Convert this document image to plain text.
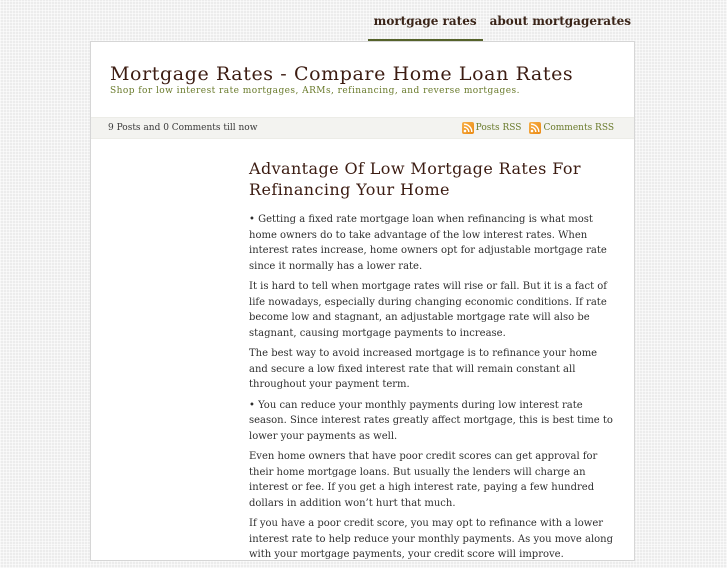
mortgage rates	about mortgagerates
Mortgage Rates - Compare Home Loan Rates
Shop for low interest rate mortgages, ARMs, refinancing, and reverse mortgages.
9 Posts and 0 Comments till now	Posts RSS Comments RSS
Advantage Of Low Mortgage Rates For Refinancing Your Home

• Getting a fixed rate mortgage loan when refinancing is what most home owners do to take advantage of the low interest rates. When interest rates increase, home owners opt for adjustable mortgage rate since it normally has a lower rate.

It is hard to tell when mortgage rates will rise or fall. But it is a fact of life nowadays, especially during changing economic conditions. If rate become low and stagnant, an adjustable mortgage rate will also be stagnant, causing mortgage payments to increase.

The best way to avoid increased mortgage is to refinance your home and secure a low fixed interest rate that will remain constant all throughout your payment term.

• You can reduce your monthly payments during low interest rate season. Since interest rates greatly affect mortgage, this is best time to lower your payments as well.

Even home owners that have poor credit scores can get approval for their home mortgage loans. But usually the lenders will charge an interest or fee. If you get a high interest rate, paying a few hundred dollars in addition won’t hurt that much.

If you have a poor credit score, you may opt to refinance with a lower interest rate to help reduce your monthly payments. As you move along with your mortgage payments, your credit score will improve.
